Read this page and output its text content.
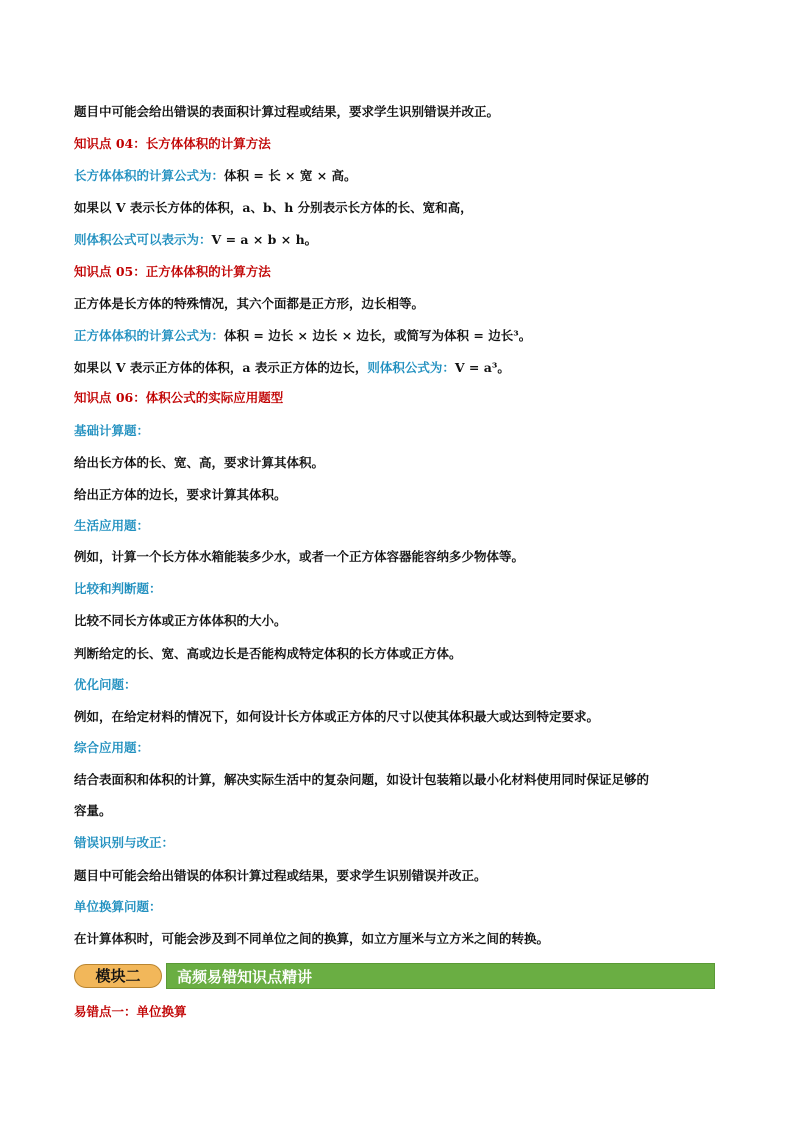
题目中可能会给出错误的表面积计算过程或结果，要求学生识别错误并改正。
知识点 04：长方体体积的计算方法
长方体体积的计算公式为：体积 = 长 × 宽 × 高。
如果以 V 表示长方体的体积，a、b、h 分别表示长方体的长、宽和高，
则体积公式可以表示为：V = a × b × h。
知识点 05：正方体体积的计算方法
正方体是长方体的特殊情况，其六个面都是正方形，边长相等。
正方体体积的计算公式为：体积 = 边长 × 边长 × 边长，或简写为体积 = 边长³。
如果以 V 表示正方体的体积，a 表示正方体的边长，则体积公式为：V = a³。
知识点 06：体积公式的实际应用题型
基础计算题：
给出长方体的长、宽、高，要求计算其体积。
给出正方体的边长，要求计算其体积。
生活应用题：
例如，计算一个长方体水箱能装多少水，或者一个正方体容器能容纳多少物体等。
比较和判断题：
比较不同长方体或正方体体积的大小。
判断给定的长、宽、高或边长是否能构成特定体积的长方体或正方体。
优化问题：
例如，在给定材料的情况下，如何设计长方体或正方体的尺寸以使其体积最大或达到特定要求。
综合应用题：
结合表面积和体积的计算，解决实际生活中的复杂问题，如设计包装箱以最小化材料使用同时保证足够的
容量。
错误识别与改正：
题目中可能会给出错误的体积计算过程或结果，要求学生识别错误并改正。
单位换算问题：
在计算体积时，可能会涉及到不同单位之间的换算，如立方厘米与立方米之间的转换。
高频易错知识点精讲
模块二
易错点一：单位换算
